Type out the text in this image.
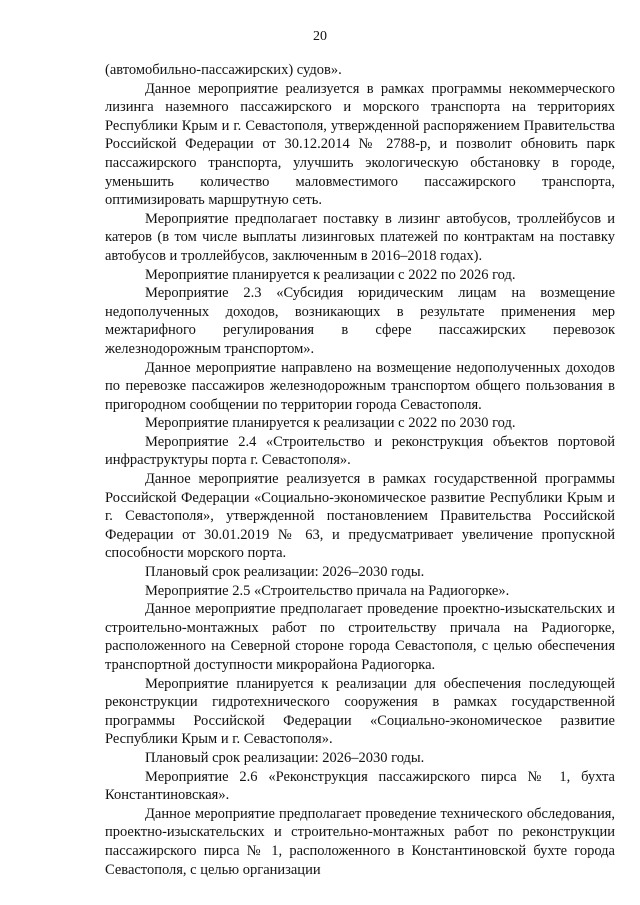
20

(автомобильно-пассажирских) судов».

Данное мероприятие реализуется в рамках программы некоммерческого лизинга наземного пассажирского и морского транспорта на территориях Республики Крым и г. Севастополя, утвержденной распоряжением Правительства Российской Федерации от 30.12.2014 № 2788-р, и позволит обновить парк пассажирского транспорта, улучшить экологическую обстановку в городе, уменьшить количество маловместимого пассажирского транспорта, оптимизировать маршрутную сеть.

Мероприятие предполагает поставку в лизинг автобусов, троллейбусов и катеров (в том числе выплаты лизинговых платежей по контрактам на поставку автобусов и троллейбусов, заключенным в 2016–2018 годах).

Мероприятие планируется к реализации с 2022 по 2026 год.

Мероприятие 2.3 «Субсидия юридическим лицам на возмещение недополученных доходов, возникающих в результате применения мер межтарифного регулирования в сфере пассажирских перевозок железнодорожным транспортом».

Данное мероприятие направлено на возмещение недополученных доходов по перевозке пассажиров железнодорожным транспортом общего пользования в пригородном сообщении по территории города Севастополя.

Мероприятие планируется к реализации с 2022 по 2030 год.

Мероприятие 2.4 «Строительство и реконструкция объектов портовой инфраструктуры порта г. Севастополя».

Данное мероприятие реализуется в рамках государственной программы Российской Федерации «Социально-экономическое развитие Республики Крым и г. Севастополя», утвержденной постановлением Правительства Российской Федерации от 30.01.2019 № 63, и предусматривает увеличение пропускной способности морского порта.

Плановый срок реализации: 2026–2030 годы.

Мероприятие 2.5 «Строительство причала на Радиогорке».

Данное мероприятие предполагает проведение проектно-изыскательских и строительно-монтажных работ по строительству причала на Радиогорке, расположенного на Северной стороне города Севастополя, с целью обеспечения транспортной доступности микрорайона Радиогорка.

Мероприятие планируется к реализации для обеспечения последующей реконструкции гидротехнического сооружения в рамках государственной программы Российской Федерации «Социально-экономическое развитие Республики Крым и г. Севастополя».

Плановый срок реализации: 2026–2030 годы.

Мероприятие 2.6 «Реконструкция пассажирского пирса № 1, бухта Константиновская».

Данное мероприятие предполагает проведение технического обследования, проектно-изыскательских и строительно-монтажных работ по реконструкции пассажирского пирса № 1, расположенного в Константиновской бухте города Севастополя, с целью организации
